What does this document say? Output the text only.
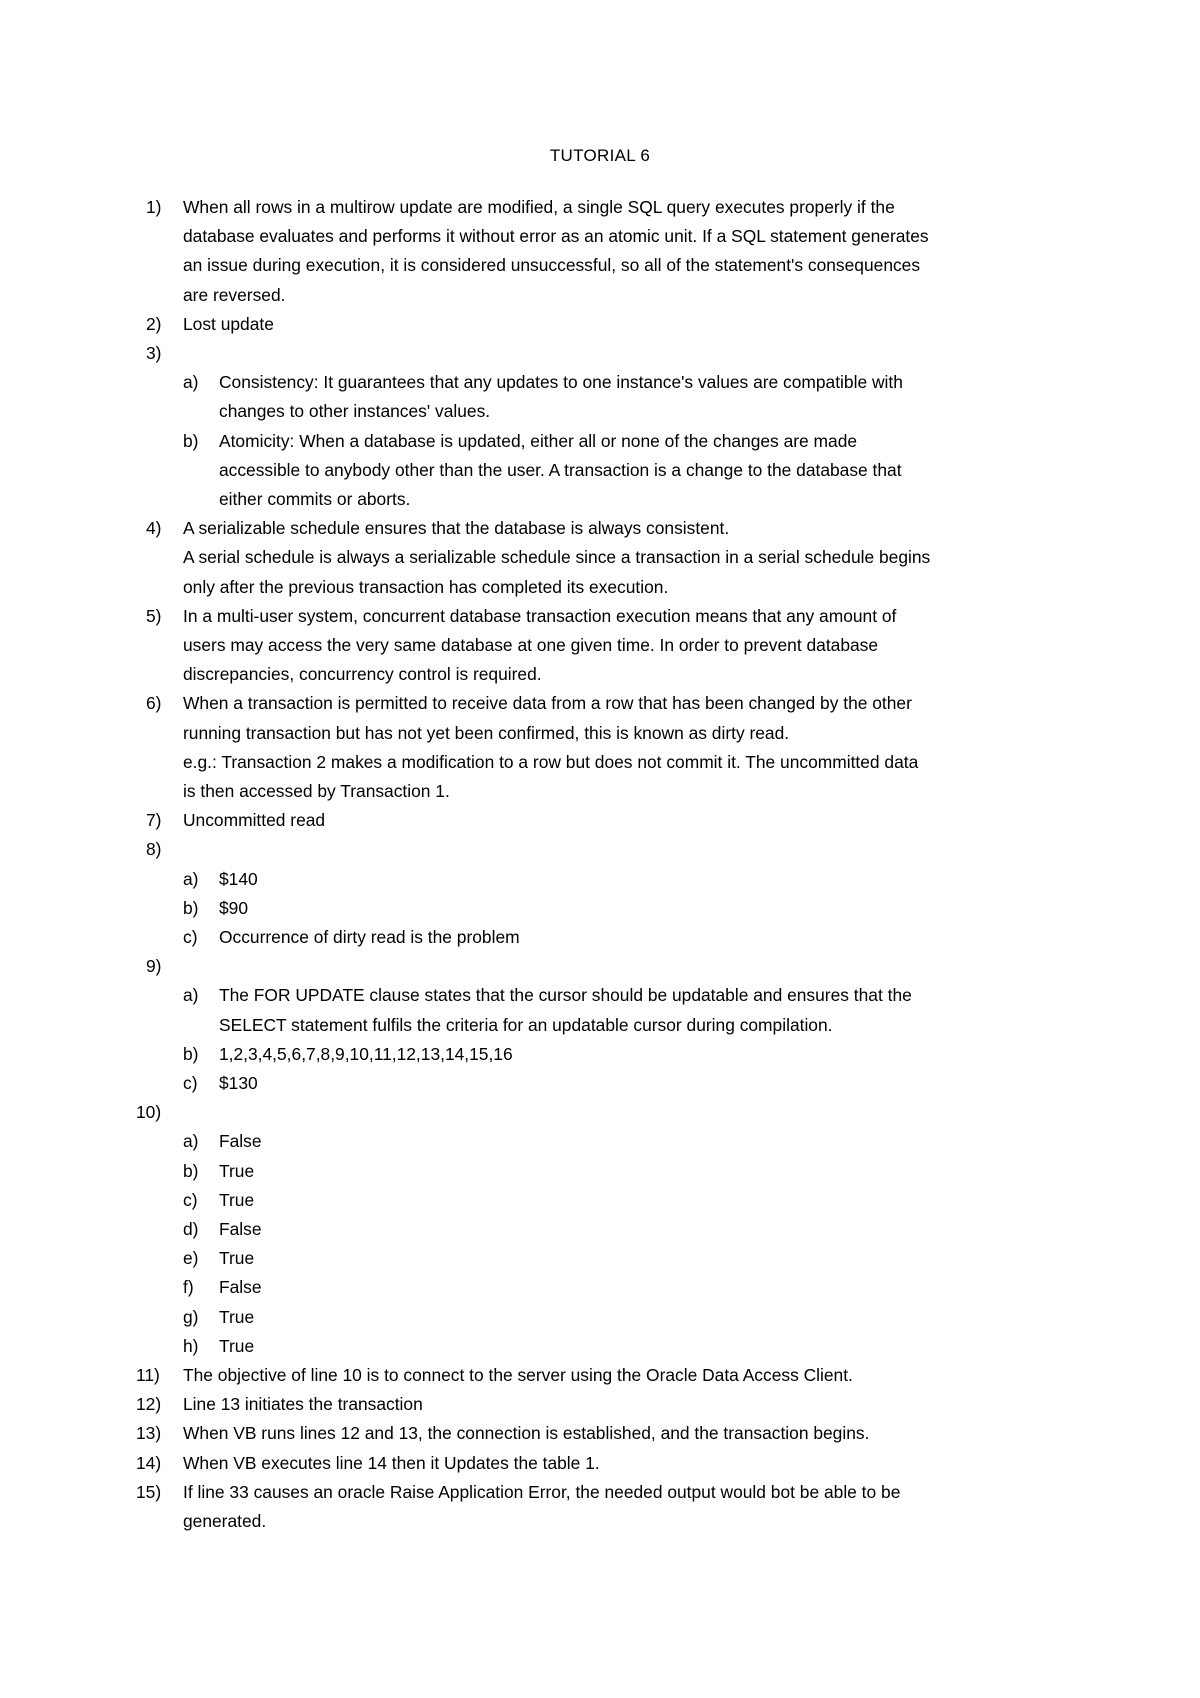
TUTORIAL 6
1) When all rows in a multirow update are modified, a single SQL query executes properly if the
database evaluates and performs it without error as an atomic unit. If a SQL statement generates
an issue during execution, it is considered unsuccessful, so all of the statement's consequences
are reversed.
2) Lost update
3)
a) Consistency: It guarantees that any updates to one instance's values are compatible with
changes to other instances' values.
b) Atomicity: When a database is updated, either all or none of the changes are made
accessible to anybody other than the user. A transaction is a change to the database that
either commits or aborts.
4) A serializable schedule ensures that the database is always consistent.
A serial schedule is always a serializable schedule since a transaction in a serial schedule begins
only after the previous transaction has completed its execution.
5) In a multi-user system, concurrent database transaction execution means that any amount of
users may access the very same database at one given time. In order to prevent database
discrepancies, concurrency control is required.
6) When a transaction is permitted to receive data from a row that has been changed by the other
running transaction but has not yet been confirmed, this is known as dirty read.
e.g.: Transaction 2 makes a modification to a row but does not commit it. The uncommitted data
is then accessed by Transaction 1.
7) Uncommitted read
8)
a) $140
b) $90
c) Occurrence of dirty read is the problem
9)
a) The FOR UPDATE clause states that the cursor should be updatable and ensures that the
SELECT statement fulfils the criteria for an updatable cursor during compilation.
b) 1,2,3,4,5,6,7,8,9,10,11,12,13,14,15,16
c) $130
10)
a) False
b) True
c) True
d) False
e) True
f) False
g) True
h) True
11) The objective of line 10 is to connect to the server using the Oracle Data Access Client.
12) Line 13 initiates the transaction
13) When VB runs lines 12 and 13, the connection is established, and the transaction begins.
14) When VB executes line 14 then it Updates the table 1.
15) If line 33 causes an oracle Raise Application Error, the needed output would bot be able to be
generated.
